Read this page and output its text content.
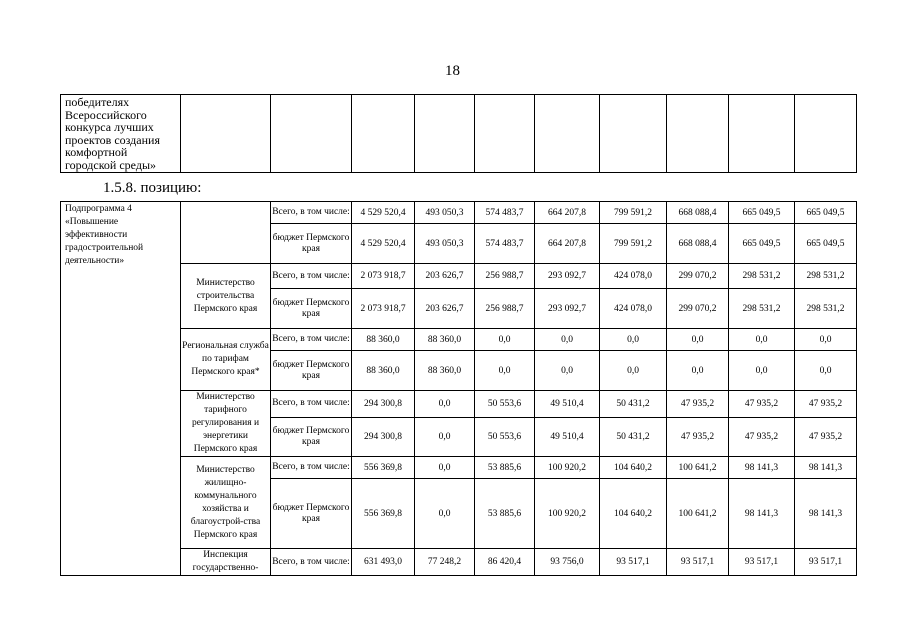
18
победителях Всероссийского конкурса лучших проектов создания комфортной городской среды»										
1.5.8. позицию:
Подпрограмма 4 «Повышение эффективности градостроительной деятельности»		Всего, в том числе:	4 529 520,4	493 050,3	574 483,7	664 207,8	799 591,2	668 088,4	665 049,5	665 049,5
		бюджет Пермского края	4 529 520,4	493 050,3	574 483,7	664 207,8	799 591,2	668 088,4	665 049,5	665 049,5
	Министерство строительства Пермского края	Всего, в том числе:	2 073 918,7	203 626,7	256 988,7	293 092,7	424 078,0	299 070,2	298 531,2	298 531,2
		бюджет Пермского края	2 073 918,7	203 626,7	256 988,7	293 092,7	424 078,0	299 070,2	298 531,2	298 531,2
	Региональная служба по тарифам Пермского края*	Всего, в том числе:	88 360,0	88 360,0	0,0	0,0	0,0	0,0	0,0	0,0
		бюджет Пермского края	88 360,0	88 360,0	0,0	0,0	0,0	0,0	0,0	0,0
	Министерство тарифного регулирования и энергетики Пермского края	Всего, в том числе:	294 300,8	0,0	50 553,6	49 510,4	50 431,2	47 935,2	47 935,2	47 935,2
		бюджет Пермского края	294 300,8	0,0	50 553,6	49 510,4	50 431,2	47 935,2	47 935,2	47 935,2
	Министерство жилищно-коммунального хозяйства и благоустрой-ства Пермского края	Всего, в том числе:	556 369,8	0,0	53 885,6	100 920,2	104 640,2	100 641,2	98 141,3	98 141,3
		бюджет Пермского края	556 369,8	0,0	53 885,6	100 920,2	104 640,2	100 641,2	98 141,3	98 141,3
	Инспекция государственно-	Всего, в том числе:	631 493,0	77 248,2	86 420,4	93 756,0	93 517,1	93 517,1	93 517,1	93 517,1
